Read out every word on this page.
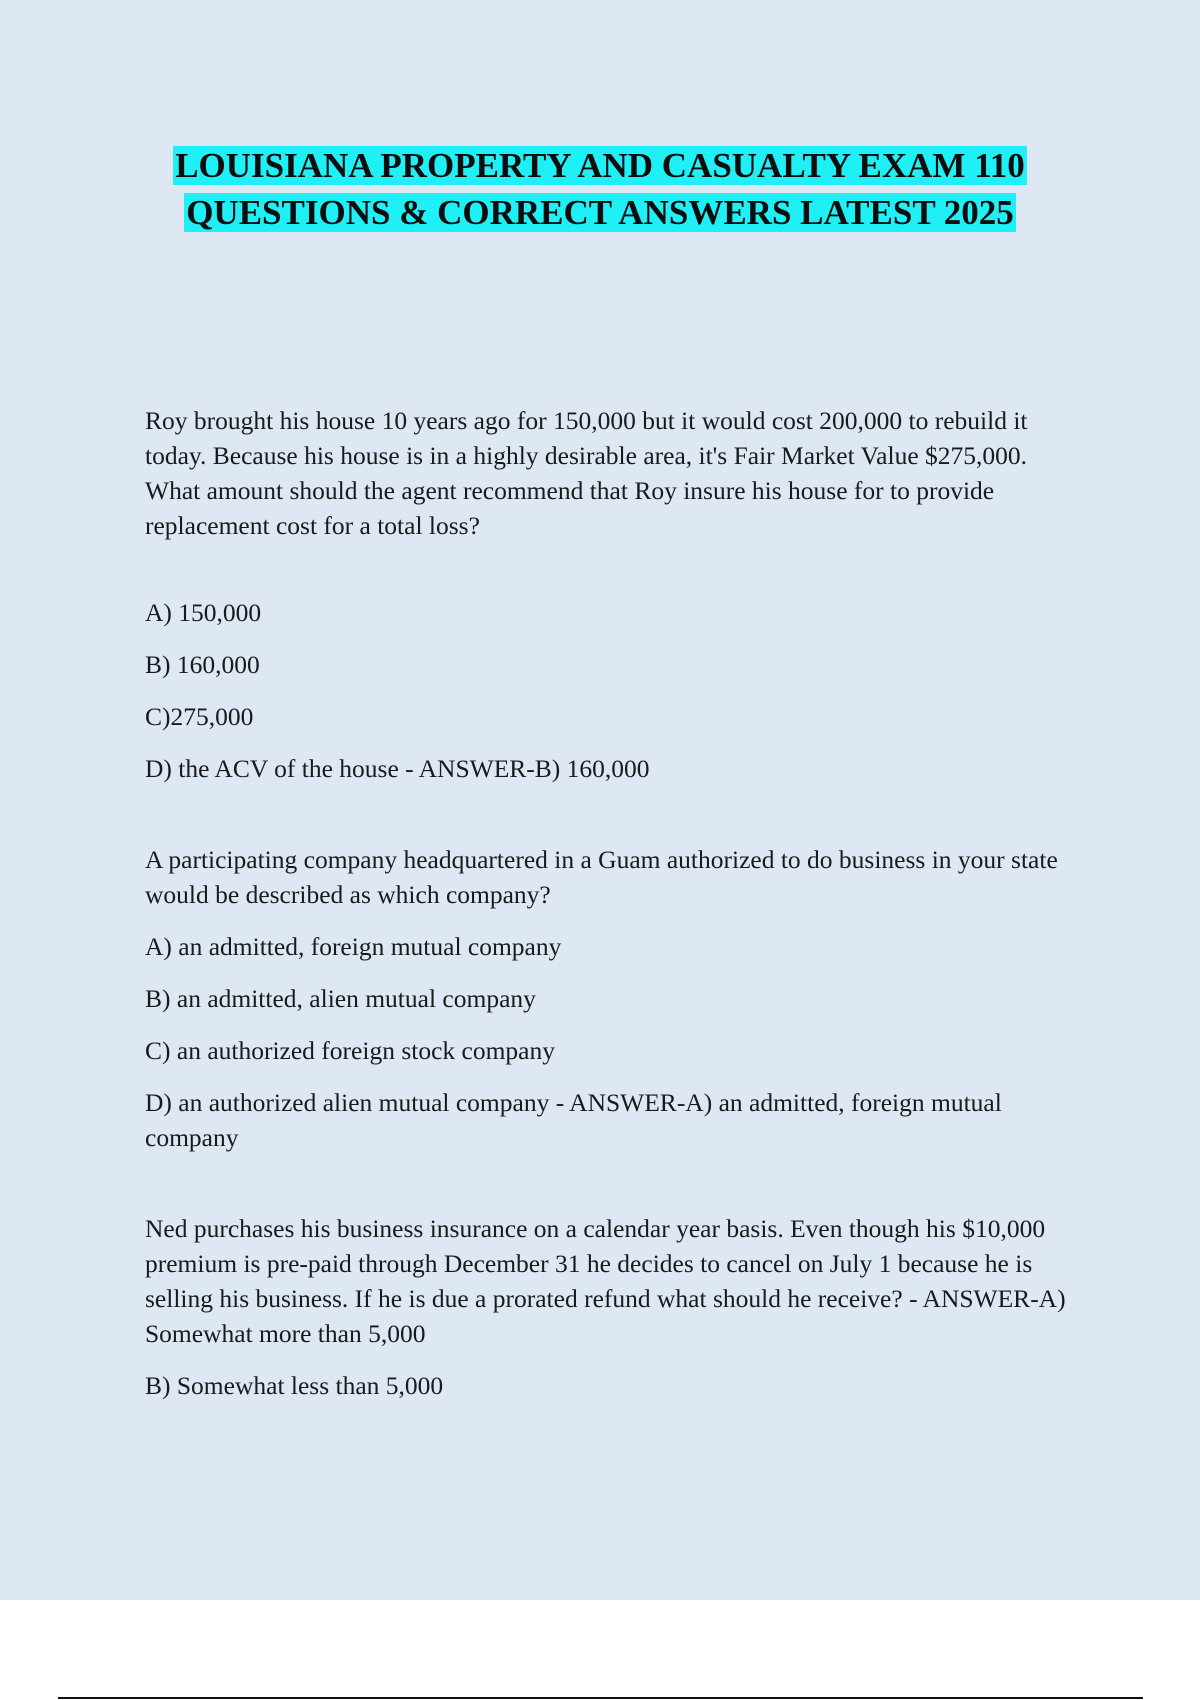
LOUISIANA PROPERTY AND CASUALTY EXAM 110
QUESTIONS & CORRECT ANSWERS LATEST 2025

Roy brought his house 10 years ago for 150,000 but it would cost 200,000 to rebuild it today. Because his house is in a highly desirable area, it's Fair Market Value $275,000. What amount should the agent recommend that Roy insure his house for to provide replacement cost for a total loss?

A) 150,000

B) 160,000

C)275,000

D) the ACV of the house - ANSWER-B) 160,000

A participating company headquartered in a Guam authorized to do business in your state would be described as which company?

A) an admitted, foreign mutual company

B) an admitted, alien mutual company

C) an authorized foreign stock company

D) an authorized alien mutual company - ANSWER-A) an admitted, foreign mutual company

Ned purchases his business insurance on a calendar year basis. Even though his $10,000 premium is pre-paid through December 31 he decides to cancel on July 1 because he is selling his business. If he is due a prorated refund what should he receive? - ANSWER-A) Somewhat more than 5,000

B) Somewhat less than 5,000
